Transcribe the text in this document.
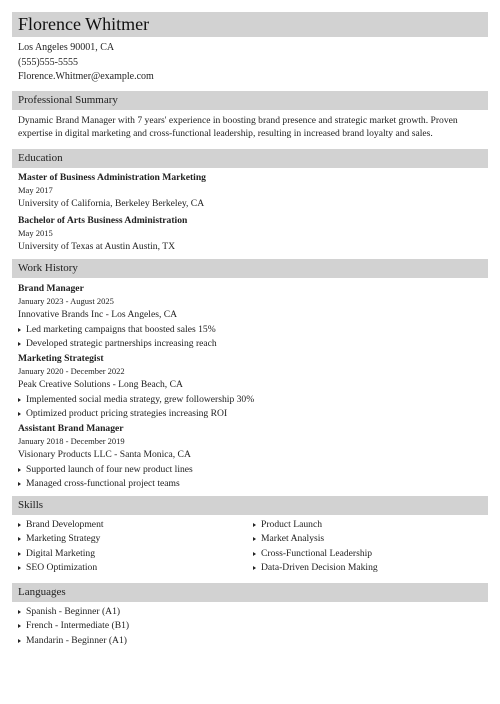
Florence Whitmer
Los Angeles 90001, CA
(555)555-5555
Florence.Whitmer@example.com
Professional Summary
Dynamic Brand Manager with 7 years' experience in boosting brand presence and strategic market growth. Proven expertise in digital marketing and cross-functional leadership, resulting in increased brand loyalty and sales.
Education
Master of Business Administration Marketing
May 2017
University of California, Berkeley Berkeley, CA
Bachelor of Arts Business Administration
May 2015
University of Texas at Austin Austin, TX
Work History
Brand Manager
January 2023 - August 2025
Innovative Brands Inc - Los Angeles, CA
Led marketing campaigns that boosted sales 15%
Developed strategic partnerships increasing reach
Marketing Strategist
January 2020 - December 2022
Peak Creative Solutions - Long Beach, CA
Implemented social media strategy, grew followership 30%
Optimized product pricing strategies increasing ROI
Assistant Brand Manager
January 2018 - December 2019
Visionary Products LLC - Santa Monica, CA
Supported launch of four new product lines
Managed cross-functional project teams
Skills
Brand Development
Marketing Strategy
Digital Marketing
SEO Optimization
Product Launch
Market Analysis
Cross-Functional Leadership
Data-Driven Decision Making
Languages
Spanish - Beginner (A1)
French - Intermediate (B1)
Mandarin - Beginner (A1)
